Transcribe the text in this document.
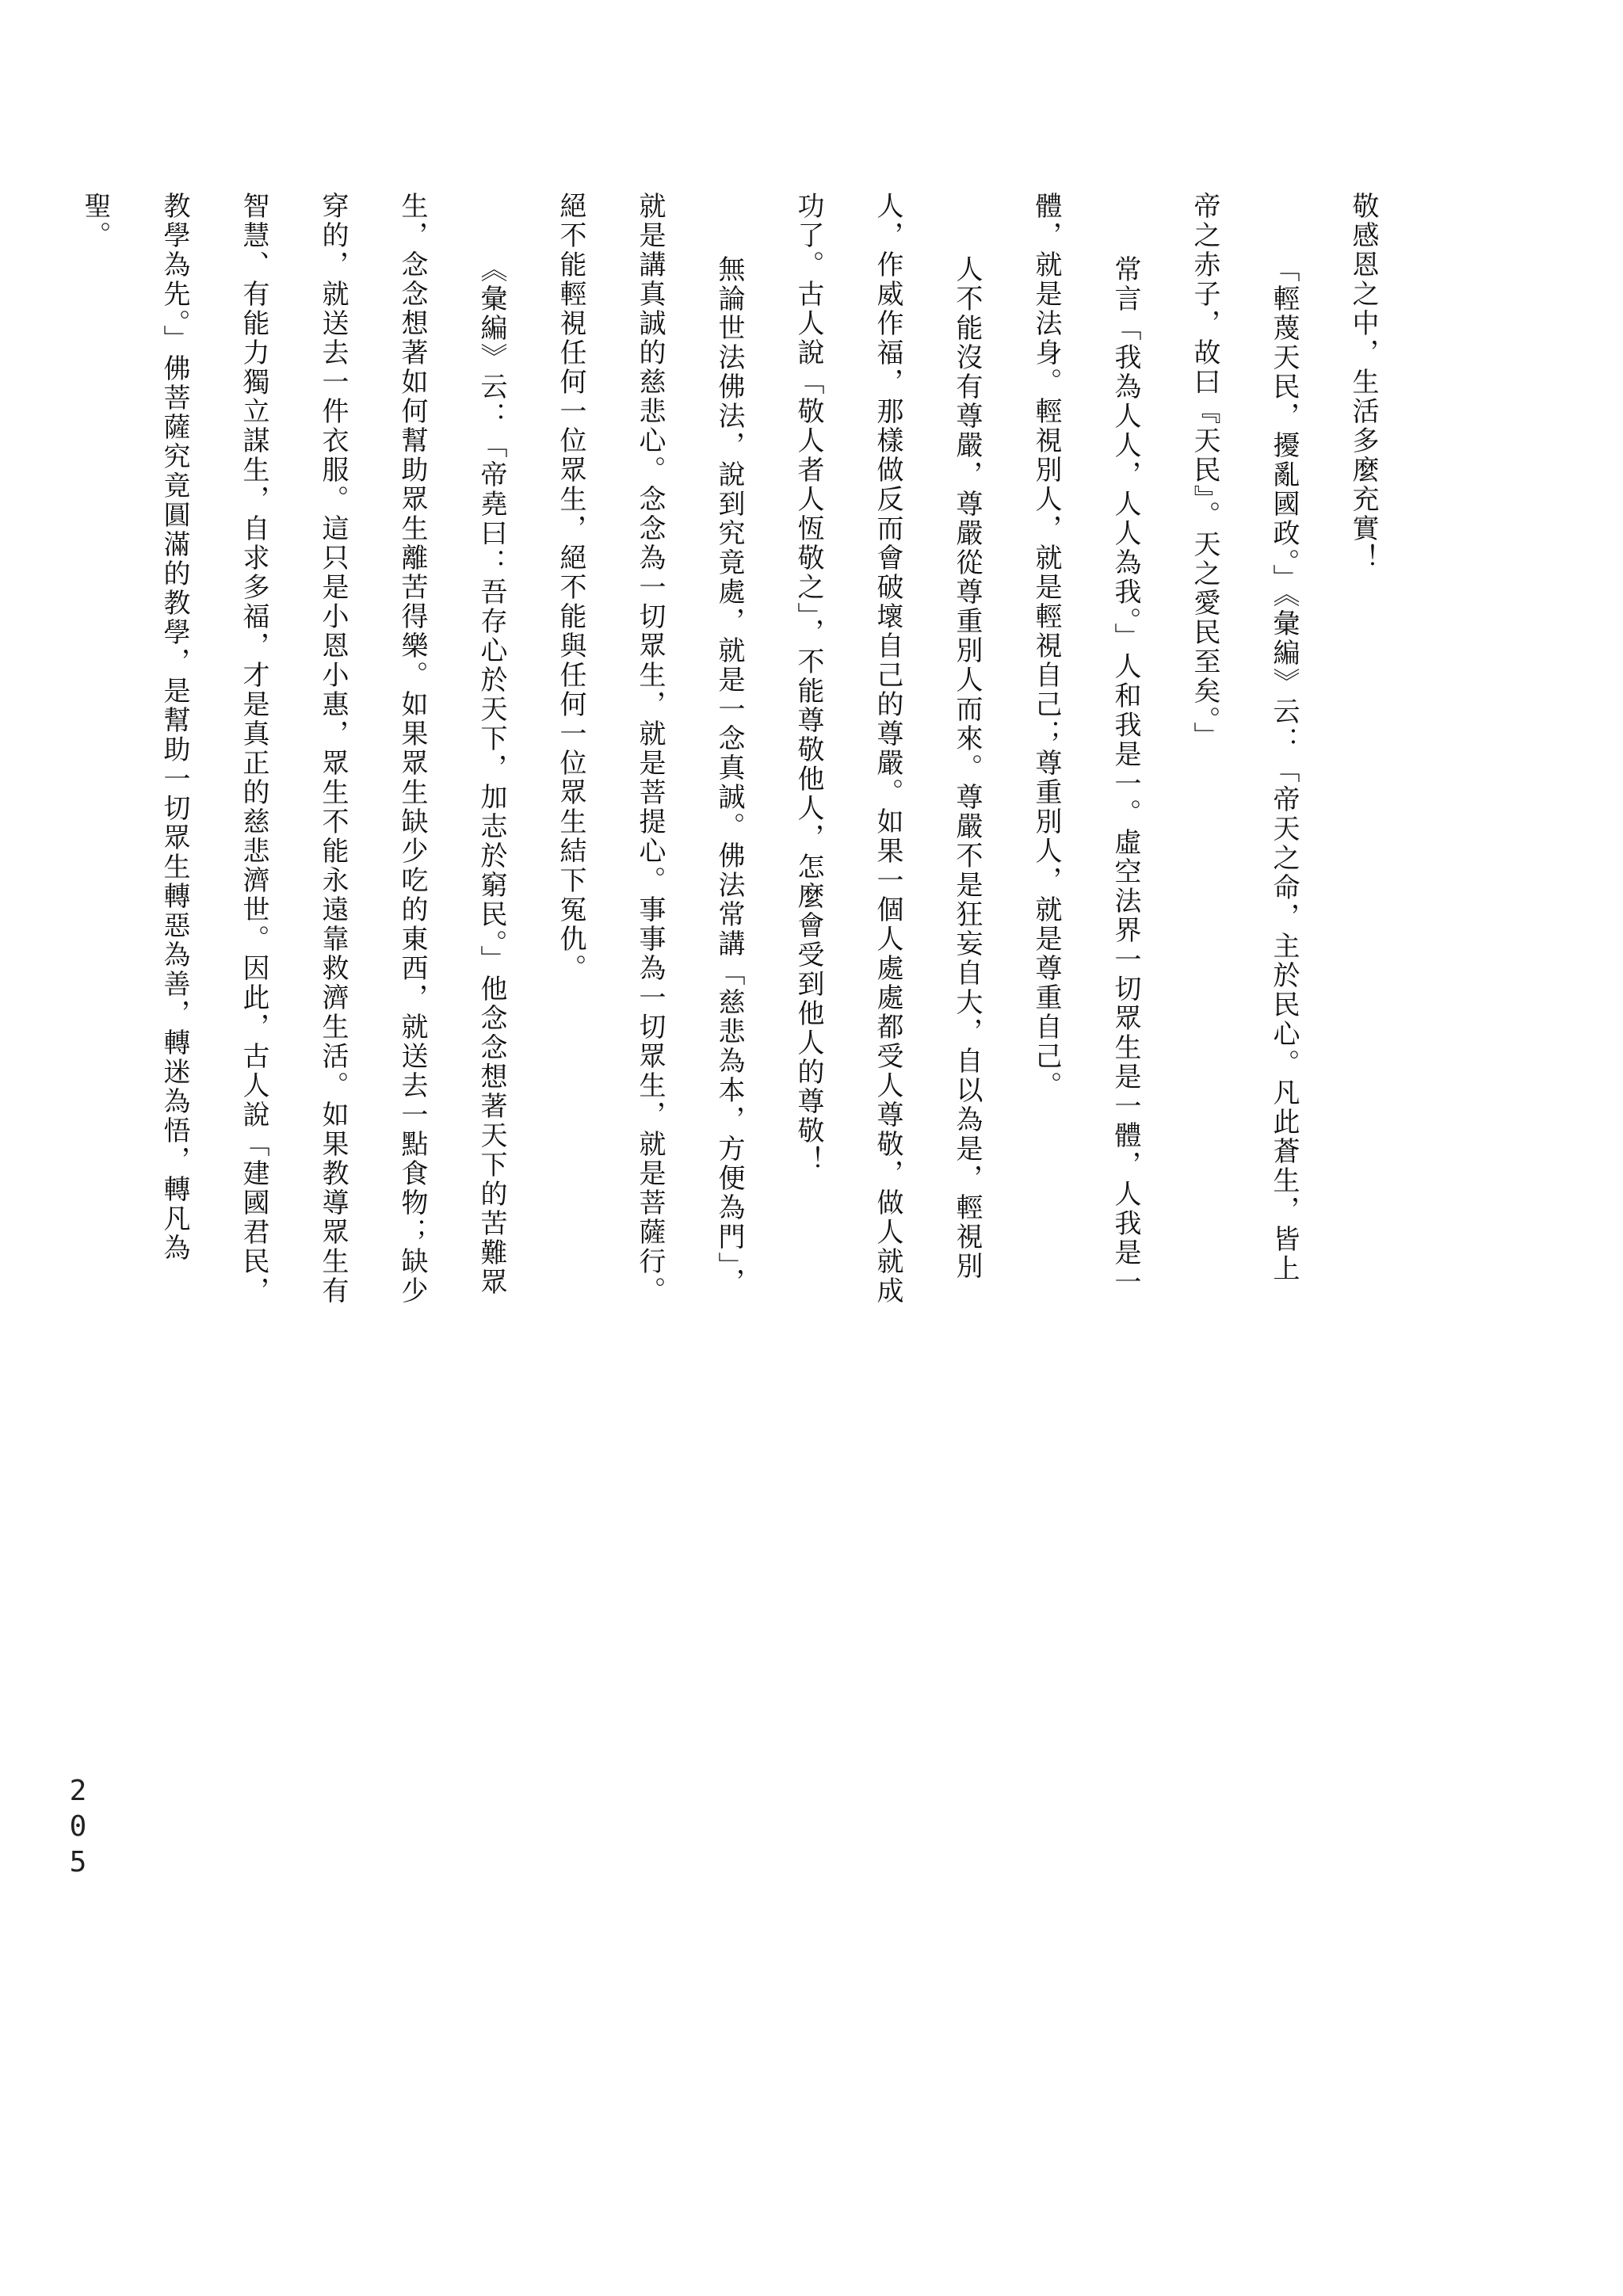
敬感恩之中，生活多麼充實！

「輕蔑天民，擾亂國政。」《彙編》云：「帝天之命，主於民心。凡此蒼生，皆上

帝之赤子，故曰『天民』。天之愛民至矣。」

常言「我為人人，人人為我。」人和我是一。虛空法界一切眾生是一體，人我是一

體，就是法身。輕視別人，就是輕視自己；尊重別人，就是尊重自己。

人不能沒有尊嚴，尊嚴從尊重別人而來。尊嚴不是狂妄自大，自以為是，輕視別

人，作威作福，那樣做反而會破壞自己的尊嚴。如果一個人處處都受人尊敬，做人就成

功了。古人說「敬人者人恆敬之」，不能尊敬他人，怎麼會受到他人的尊敬！

無論世法佛法，說到究竟處，就是一念真誠。佛法常講「慈悲為本，方便為門」，

就是講真誠的慈悲心。念念為一切眾生，就是菩提心。事事為一切眾生，就是菩薩行。

絕不能輕視任何一位眾生，絕不能與任何一位眾生結下冤仇。

《彙編》云：「帝堯曰：吾存心於天下，加志於窮民。」他念念想著天下的苦難眾

生，念念想著如何幫助眾生離苦得樂。如果眾生缺少吃的東西，就送去一點食物；缺少

穿的，就送去一件衣服。這只是小恩小惠，眾生不能永遠靠救濟生活。如果教導眾生有

智慧、有能力獨立謀生，自求多福，才是真正的慈悲濟世。因此，古人說「建國君民，

教學為先。」佛菩薩究竟圓滿的教學，是幫助一切眾生轉惡為善，轉迷為悟，轉凡為

聖。

205
